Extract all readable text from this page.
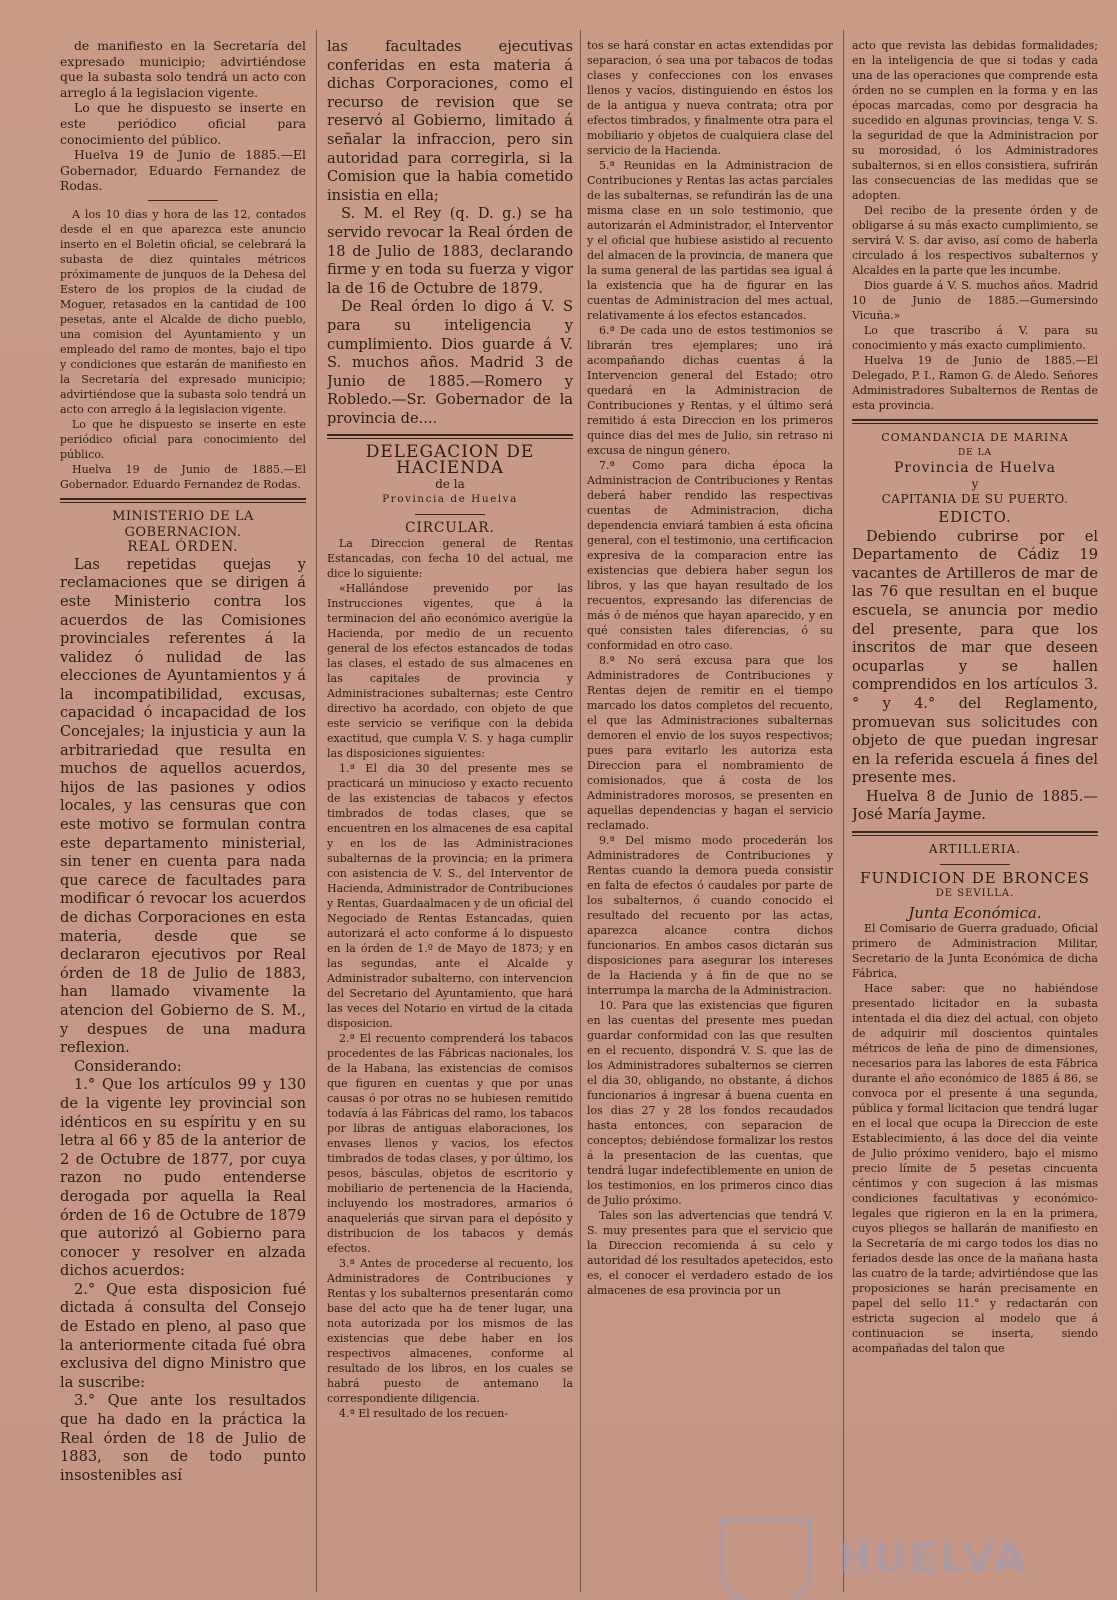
de manifiesto en la Secretaría del expresado municipio; advirtiéndose que la subasta solo tendrá un acto con arreglo á la legislacion vigente.

Lo que he dispuesto se inserte en este periódico oficial para conocimiento del público.

Huelva 19 de Junio de 1885.—El Gobernador, Eduardo Fernandez de Rodas.

A los 10 dias y hora de las 12, contados desde el en que aparezca este anuncio inserto en el Boletin oficial, se celebrará la subasta de diez quintales métricos próximamente de junquos de la Dehesa del Estero de los propios de la ciudad de Moguer, retasados en la cantidad de 100 pesetas, ante el Alcalde de dicho pueblo, una comision del Ayuntamiento y un empleado del ramo de montes, bajo el tipo y condiciones que estarán de manifiesto en la Secretaría del expresado municipio; advirtiéndose que la subasta solo tendrá un acto con arreglo á la legislacion vigente.

Lo que he dispuesto se inserte en este periódico oficial para conocimiento del público.

Huelva 19 de Junio de 1885.—El Gobernador. Eduardo Fernandez de Rodas.

MINISTERIO DE LA GOBERNACION.

REAL ÓRDEN.

Las repetidas quejas y reclamaciones que se dirigen á este Ministerio contra los acuerdos de las Comisiones provinciales referentes á la validez ó nulidad de las elecciones de Ayuntamientos y á la incompatibilidad, excusas, capacidad ó incapacidad de los Concejales; la injusticia y aun la arbitrariedad que resulta en muchos de aquellos acuerdos, hijos de las pasiones y odios locales, y las censuras que con este motivo se formulan contra este departamento ministerial, sin tener en cuenta para nada que carece de facultades para modificar ó revocar los acuerdos de dichas Corporaciones en esta materia, desde que se declararon ejecutivos por Real órden de 18 de Julio de 1883, han llamado vivamente la atencion del Gobierno de S. M., y despues de una madura reflexion.

Considerando:

1.° Que los artículos 99 y 130 de la vigente ley provincial son idénticos en su espíritu y en su letra al 66 y 85 de la anterior de 2 de Octubre de 1877, por cuya razon no pudo entenderse derogada por aquella la Real órden de 16 de Octubre de 1879 que autorizó al Gobierno para conocer y resolver en alzada dichos acuerdos:

2.° Que esta disposicion fué dictada á consulta del Consejo de Estado en pleno, al paso que la anteriormente citada fué obra exclusiva del digno Ministro que la suscribe:

3.° Que ante los resultados que ha dado en la práctica la Real órden de 18 de Julio de 1883, son de todo punto insostenibles así

las facultades ejecutivas conferidas en esta materia á dichas Corporaciones, como el recurso de revision que se reservó al Gobierno, limitado á señalar la infraccion, pero sin autoridad para corregirla, si la Comision que la habia cometido insistia en ella;

S. M. el Rey (q. D. g.) se ha servido revocar la Real órden de 18 de Julio de 1883, declarando firme y en toda su fuerza y vigor la de 16 de Octubre de 1879.

De Real órden lo digo á V. S para su inteligencia y cumplimiento. Dios guarde á V. S. muchos años. Madrid 3 de Junio de 1885.—Romero y Robledo.—Sr. Gobernador de la provincia de....

DELEGACION DE HACIENDA

de la

Provincia de Huelva

CIRCULAR.

La Direccion general de Rentas Estancadas, con fecha 10 del actual, me dice lo siguiente:

«Hallándose prevenido por las Instrucciones vigentes, que á la terminacion del año económico averigüe la Hacienda, por medio de un recuento general de los efectos estancados de todas las clases, el estado de sus almacenes en las capitales de provincia y Administraciones subalternas; este Centro directivo ha acordado, con objeto de que este servicio se verifique con la debida exactitud, que cumpla V. S. y haga cumplir las disposiciones siguientes:

1.ª El dia 30 del presente mes se practicará un minucioso y exacto recuento de las existencias de tabacos y efectos timbrados de todas clases, que se encuentren en los almacenes de esa capital y en los de las Administraciones subalternas de la provincia; en la primera con asistencia de V. S., del Interventor de Hacienda, Administrador de Contribuciones y Rentas, Guardaalmacen y de un oficial del Negociado de Rentas Estancadas, quien autorizará el acto conforme á lo dispuesto en la órden de 1.º de Mayo de 1873; y en las segundas, ante el Alcalde y Administrador subalterno, con intervencion del Secretario del Ayuntamiento, que hará las veces del Notario en virtud de la citada disposicion.

2.ª El recuento comprenderá los tabacos procedentes de las Fábricas nacionales, los de la Habana, las existencias de comisos que figuren en cuentas y que por unas causas ó por otras no se hubiesen remitido todavía á las Fábricas del ramo, los tabacos por libras de antiguas elaboraciones, los envases llenos y vacios, los efectos timbrados de todas clases, y por último, los pesos, básculas, objetos de escritorio y mobiliario de pertenencia de la Hacienda, incluyendo los mostradores, armarios ó anaqueleriás que sirvan para el depósito y distribucion de los tabacos y demás efectos.

3.ª Antes de procederse al recuento, los Administradores de Contribuciones y Rentas y los subalternos presentarán como base del acto que ha de tener lugar, una nota autorizada por los mismos de las existencias que debe haber en los respectivos almacenes, conforme al resultado de los libros, en los cuales se habrá puesto de antemano la correspondiente diligencia.

4.ª El resultado de los recuen-

tos se hará constar en actas extendidas por separacion, ó sea una por tabacos de todas clases y confecciones con los envases llenos y vacíos, distinguiendo en éstos los de la antigua y nueva contrata; otra por efectos timbrados, y finalmente otra para el mobiliario y objetos de cualquiera clase del servicio de la Hacienda.

5.ª Reunidas en la Administracion de Contribuciones y Rentas las actas parciales de las subalternas, se refundirán las de una misma clase en un solo testimonio, que autorizarán el Administrador, el Interventor y el oficial que hubiese asistido al recuento del almacen de la provincia, de manera que la suma general de las partidas sea igual á la existencia que ha de figurar en las cuentas de Administracion del mes actual, relativamente á los efectos estancados.

6.ª De cada uno de estos testimonios se librarán tres ejemplares; uno irá acompañando dichas cuentas á la Intervencion general del Estado; otro quedará en la Administracion de Contribuciones y Rentas, y el último será remitido á esta Direccion en los primeros quince dias del mes de Julio, sin retraso ni excusa de ningun género.

7.ª Como para dicha época la Administracion de Contribuciones y Rentas deberá haber rendido las respectivas cuentas de Administracion, dicha dependencia enviará tambien á esta oficina general, con el testimonio, una certificacion expresiva de la comparacion entre las existencias que debiera haber segun los libros, y las que hayan resultado de los recuentos, expresando las diferencias de más ó de ménos que hayan aparecido, y en qué consisten tales diferencias, ó su conformidad en otro caso.

8.ª No será excusa para que los Administradores de Contribuciones y Rentas dejen de remitir en el tiempo marcado los datos completos del recuento, el que las Administraciones subalternas demoren el envio de los suyos respectivos; pues para evitarlo les autoriza esta Direccion para el nombramiento de comisionados, que á costa de los Administradores morosos, se presenten en aquellas dependencias y hagan el servicio reclamado.

9.ª Del mismo modo procederán los Administradores de Contribuciones y Rentas cuando la demora pueda consistir en falta de efectos ó caudales por parte de los subalternos, ó cuando conocido el resultado del recuento por las actas, aparezca alcance contra dichos funcionarios. En ambos casos dictarán sus disposiciones para asegurar los intereses de la Hacienda y á fin de que no se interrumpa la marcha de la Administracion.

10. Para que las existencias que figuren en las cuentas del presente mes puedan guardar conformidad con las que resulten en el recuento, dispondrá V. S. que las de los Administradores subalternos se cierren el dia 30, obligando, no obstante, á dichos funcionarios á ingresar á buena cuenta en los dias 27 y 28 los fondos recaudados hasta entonces, con separacion de conceptos; debiéndose formalizar los restos á la presentacion de las cuentas, que tendrá lugar indefectiblemente en union de los testimonios, en los primeros cinco dias de Julio próximo.

Tales son las advertencias que tendrá V. S. muy presentes para que el servicio que la Direccion recomienda á su celo y autoridad dé los resultados apetecidos, esto es, el conocer el verdadero estado de los almacenes de esa provincia por un

acto que revista las debidas formalidades; en la inteligencia de que si todas y cada una de las operaciones que comprende esta órden no se cumplen en la forma y en las épocas marcadas, como por desgracia ha sucedido en algunas provincias, tenga V. S. la seguridad de que la Administracion por su morosidad, ó los Administradores subalternos, si en ellos consistiera, sufrirán las consecuencias de las medidas que se adopten.

Del recibo de la presente órden y de obligarse á su más exacto cumplimiento, se servirá V. S. dar aviso, así como de haberla circulado á los respectivos subalternos y Alcaldes en la parte que les incumbe.

Dios guarde á V. S. muchos años. Madrid 10 de Junio de 1885.—Gumersindo Vicuña.»

Lo que trascribo á V. para su conocimiento y más exacto cumplimiento.

Huelva 19 de Junio de 1885.—El Delegado, P. I., Ramon G. de Aledo. Señores Administradores Subalternos de Rentas de esta provincia.

COMANDANCIA DE MARINA

DE LA

Provincia de Huelva

y

CAPITANIA DE SU PUERTO.

EDICTO.

Debiendo cubrirse por el Departamento de Cádiz 19 vacantes de Artilleros de mar de las 76 que resultan en el buque escuela, se anuncia por medio del presente, para que los inscritos de mar que deseen ocuparlas y se hallen comprendidos en los artículos 3.° y 4.° del Reglamento, promuevan sus solicitudes con objeto de que puedan ingresar en la referida escuela á fines del presente mes.

Huelva 8 de Junio de 1885.—José María Jayme.

ARTILLERIA.

FUNDICION DE BRONCES

DE SEVILLA.

Junta Económica.

El Comisario de Guerra graduado, Oficial primero de Administracion Militar, Secretario de la Junta Económica de dicha Fábrica,

Hace saber: que no habiéndose presentado licitador en la subasta intentada el dia diez del actual, con objeto de adquirir mil doscientos quintales métricos de leña de pino de dimensiones, necesarios para las labores de esta Fábrica durante el año económico de 1885 á 86, se convoca por el presente á una segunda, pública y formal licitacion que tendrá lugar en el local que ocupa la Direccion de este Establecimiento, á las doce del dia veinte de Julio próximo venidero, bajo el mismo precio límite de 5 pesetas cincuenta céntimos y con sugecion á las mismas condiciones facultativas y económico-legales que rigieron en la en la primera, cuyos pliegos se hallarán de manifiesto en la Secretaría de mi cargo todos los dias no feriados desde las once de la mañana hasta las cuatro de la tarde; advirtiéndose que las proposiciones se harán precisamente en papel del sello 11.° y redactarán con estricta sugecion al modelo que á continuacion se inserta, siendo acompañadas del talon que

HUELVA
